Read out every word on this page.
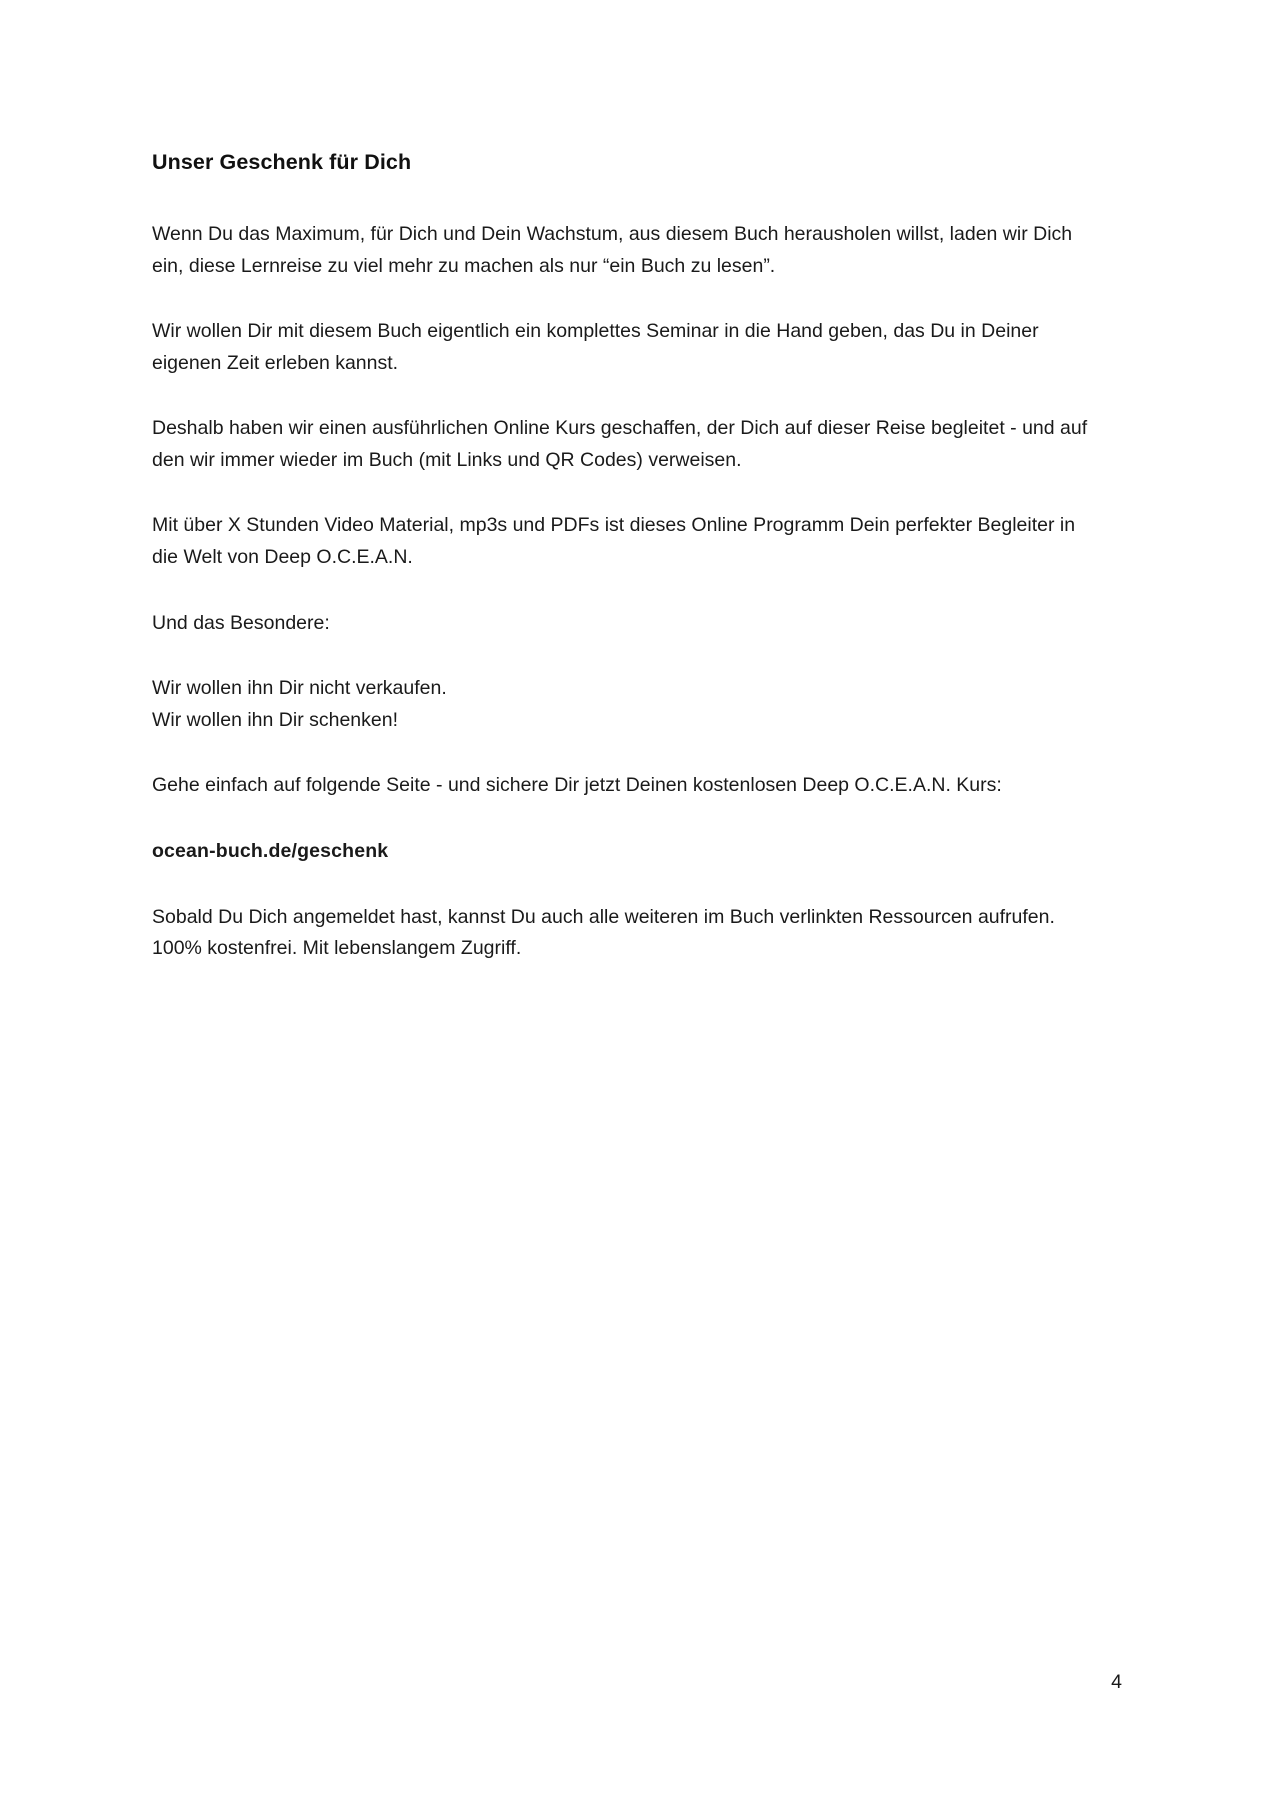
Unser Geschenk für Dich

Wenn Du das Maximum, für Dich und Dein Wachstum, aus diesem Buch herausholen willst, laden wir Dich ein, diese Lernreise zu viel mehr zu machen als nur “ein Buch zu lesen”.

Wir wollen Dir mit diesem Buch eigentlich ein komplettes Seminar in die Hand geben, das Du in Deiner eigenen Zeit erleben kannst.

Deshalb haben wir einen ausführlichen Online Kurs geschaffen, der Dich auf dieser Reise begleitet - und auf den wir immer wieder im Buch (mit Links und QR Codes) verweisen.

Mit über X Stunden Video Material, mp3s und PDFs ist dieses Online Programm Dein perfekter Begleiter in die Welt von Deep O.C.E.A.N.

Und das Besondere:

Wir wollen ihn Dir nicht verkaufen.

Wir wollen ihn Dir schenken!

Gehe einfach auf folgende Seite - und sichere Dir jetzt Deinen kostenlosen Deep O.C.E.A.N. Kurs:

ocean-buch.de/geschenk

Sobald Du Dich angemeldet hast, kannst Du auch alle weiteren im Buch verlinkten Ressourcen aufrufen. 100% kostenfrei. Mit lebenslangem Zugriff.

4
